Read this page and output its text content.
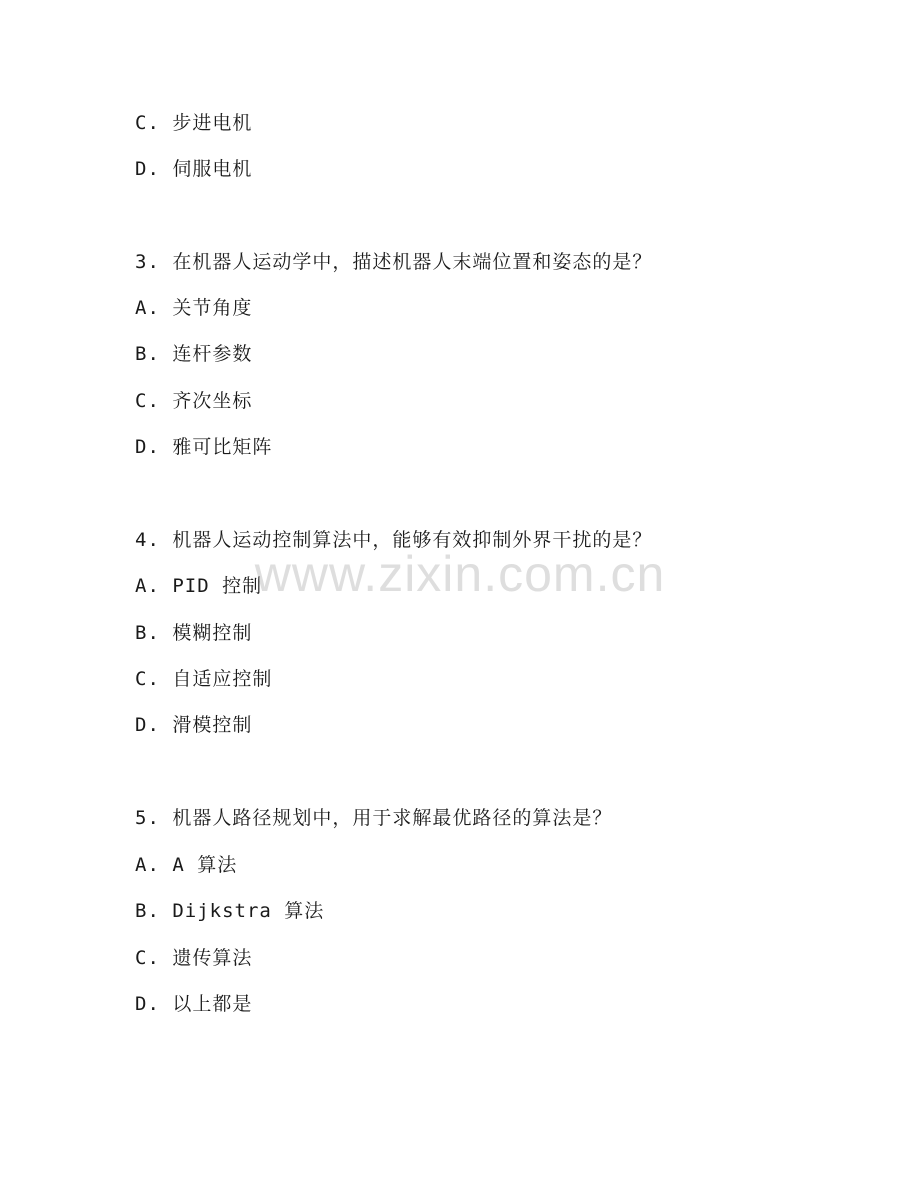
C. 步进电机
D. 伺服电机
3. 在机器人运动学中，描述机器人末端位置和姿态的是？
A. 关节角度
B. 连杆参数
C. 齐次坐标
D. 雅可比矩阵
4. 机器人运动控制算法中，能够有效抑制外界干扰的是？
A. PID 控制
B. 模糊控制
C. 自适应控制
D. 滑模控制
5. 机器人路径规划中，用于求解最优路径的算法是？
A. A 算法
B. Dijkstra 算法
C. 遗传算法
D. 以上都是
www.zixin.com.cn
